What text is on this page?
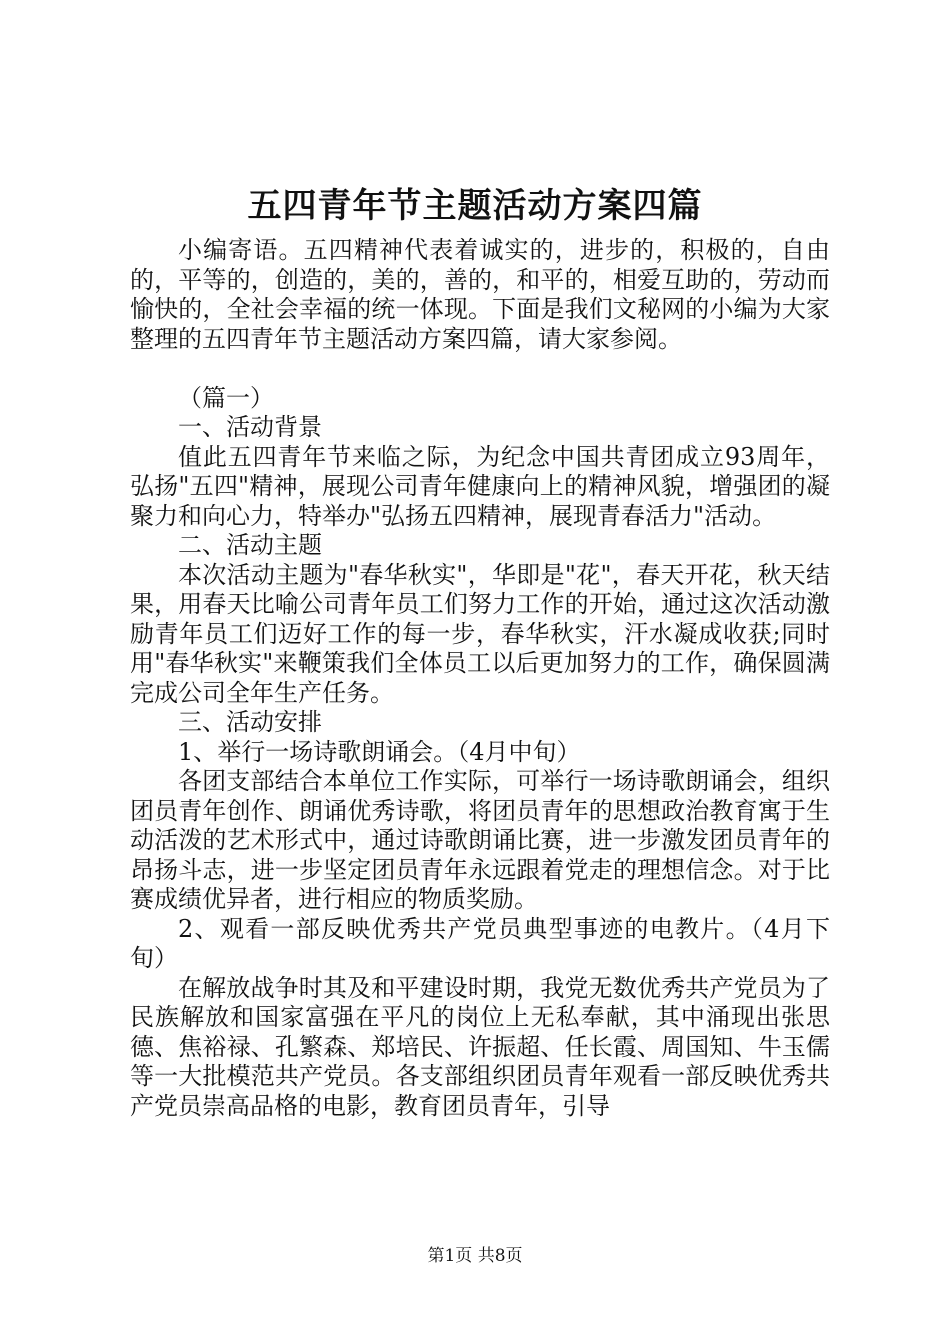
五四青年节主题活动方案四篇

小编寄语。五四精神代表着诚实的，进步的，积极的，自由的，平等的，创造的，美的，善的，和平的，相爱互助的，劳动而愉快的，全社会幸福的统一体现。下面是我们文秘网的小编为大家整理的五四青年节主题活动方案四篇，请大家参阅。

（篇一）

一、活动背景

值此五四青年节来临之际，为纪念中国共青团成立93周年，弘扬"五四"精神，展现公司青年健康向上的精神风貌，增强团的凝聚力和向心力，特举办"弘扬五四精神，展现青春活力"活动。

二、活动主题

本次活动主题为"春华秋实"，华即是"花"，春天开花，秋天结果，用春天比喻公司青年员工们努力工作的开始，通过这次活动激励青年员工们迈好工作的每一步，春华秋实，汗水凝成收获;同时用"春华秋实"来鞭策我们全体员工以后更加努力的工作，确保圆满完成公司全年生产任务。

三、活动安排

1、举行一场诗歌朗诵会。（4月中旬）

各团支部结合本单位工作实际，可举行一场诗歌朗诵会，组织团员青年创作、朗诵优秀诗歌，将团员青年的思想政治教育寓于生动活泼的艺术形式中，通过诗歌朗诵比赛，进一步激发团员青年的昂扬斗志，进一步坚定团员青年永远跟着党走的理想信念。对于比赛成绩优异者，进行相应的物质奖励。

2、观看一部反映优秀共产党员典型事迹的电教片。（4月下旬）

在解放战争时其及和平建设时期，我党无数优秀共产党员为了民族解放和国家富强在平凡的岗位上无私奉献，其中涌现出张思德、焦裕禄、孔繁森、郑培民、许振超、任长霞、周国知、牛玉儒等一大批模范共产党员。各支部组织团员青年观看一部反映优秀共产党员崇高品格的电影，教育团员青年，引导

第1页 共8页
